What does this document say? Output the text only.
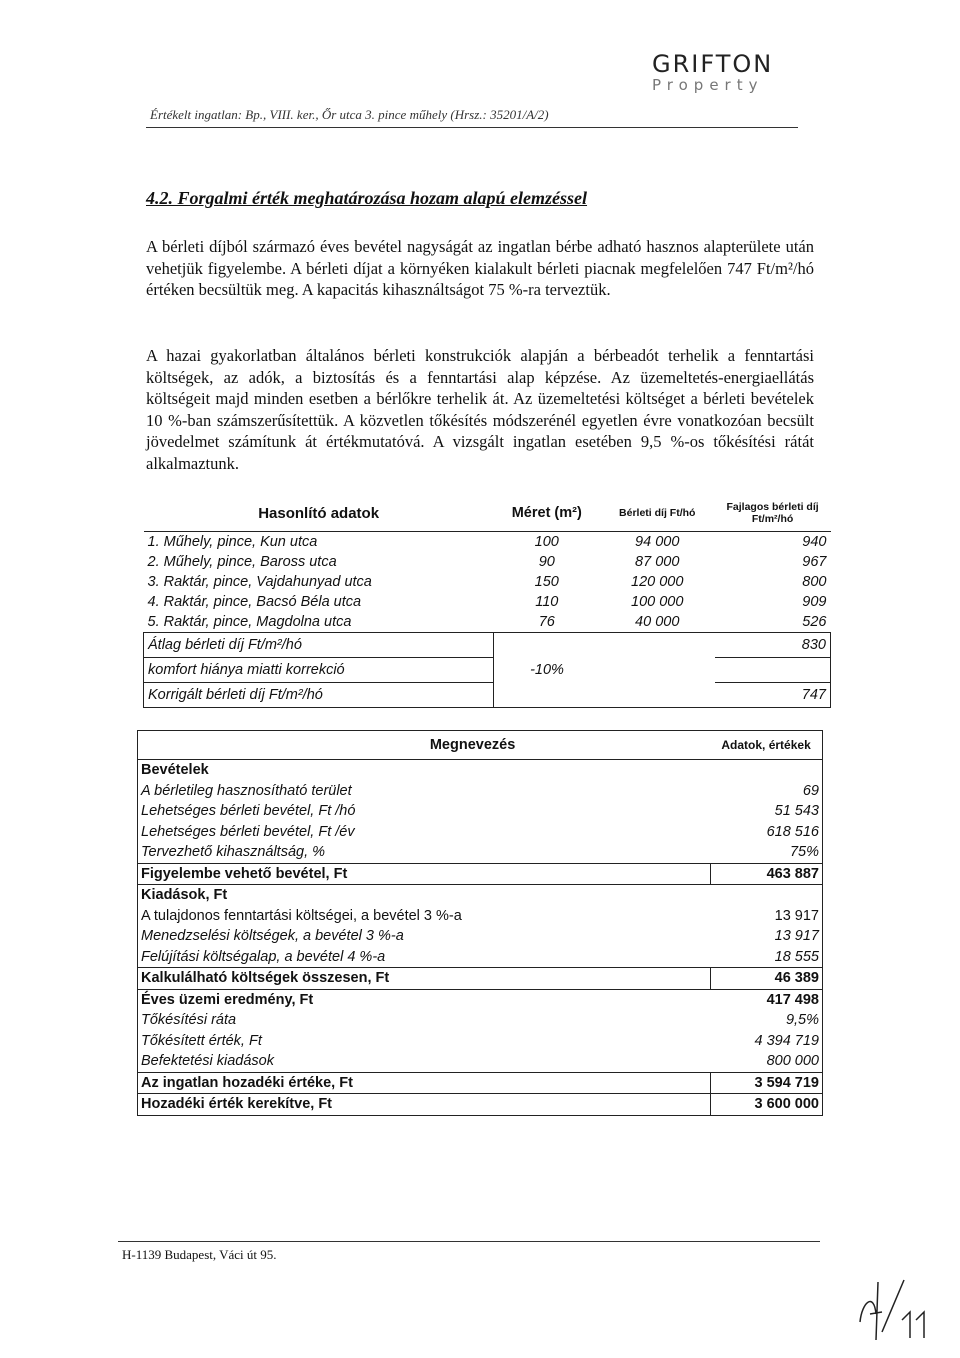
Értékelt ingatlan: Bp., VIII. ker., Őr utca 3. pince műhely (Hrsz.: 35201/A/2)
GRIFTON
Property
4.2. Forgalmi érték meghatározása hozam alapú elemzéssel
A bérleti díjból származó éves bevétel nagyságát az ingatlan bérbe adható hasznos alapterülete után vehetjük figyelembe. A bérleti díjat a környéken kialakult bérleti piacnak megfelelően 747 Ft/m²/hó értéken becsültük meg. A kapacitás kihasználtságot 75 %-ra terveztük.
A hazai gyakorlatban általános bérleti konstrukciók alapján a bérbeadót terhelik a fenntartási költségek, az adók, a biztosítás és a fenntartási alap képzése. Az üzemeltetés-energiaellátás költségeit majd minden esetben a bérlőkre terhelik át. Az üzemeltetési költséget a bérleti bevételek 10 %-ban számszerűsítettük. A közvetlen tőkésítés módszerénél egyetlen évre vonatkozóan becsült jövedelmet számítunk át értékmutatóvá. A vizsgált ingatlan esetében 9,5 %-os tőkésítési rátát alkalmaztunk.
Hasonlító adatok	Méret (m²)	Bérleti díj Ft/hó	Fajlagos bérleti díj Ft/m²/hó
1. Műhely, pince, Kun utca	100	94 000	940
2. Műhely, pince, Baross utca	90	87 000	967
3. Raktár, pince, Vajdahunyad utca	150	120 000	800
4. Raktár, pince, Bacsó Béla utca	110	100 000	909
5. Raktár, pince, Magdolna utca	76	40 000	526
Átlag bérleti díj Ft/m²/hó			830
komfort hiánya miatti korrekció	-10%		
Korrigált bérleti díj Ft/m²/hó			747
Megnevezés	Adatok, értékek
Bevételek	
A bérletileg hasznosítható terület	69
Lehetséges bérleti bevétel, Ft /hó	51 543
Lehetséges bérleti bevétel, Ft /év	618 516
Tervezhető kihasználtság, %	75%
Figyelembe vehető bevétel, Ft	463 887
Kiadások, Ft	
A tulajdonos fenntartási költségei, a bevétel 3 %-a	13 917
Menedzselési költségek, a bevétel 3 %-a	13 917
Felújítási költségalap, a bevétel 4 %-a	18 555
Kalkulálható költségek összesen, Ft	46 389
Éves üzemi eredmény, Ft	417 498
Tőkésítési ráta	9,5%
Tőkésített érték, Ft	4 394 719
Befektetési kiadások	800 000
Az ingatlan hozadéki értéke, Ft	3 594 719
Hozadéki érték kerekítve, Ft	3 600 000
H-1139 Budapest, Váci út 95.
